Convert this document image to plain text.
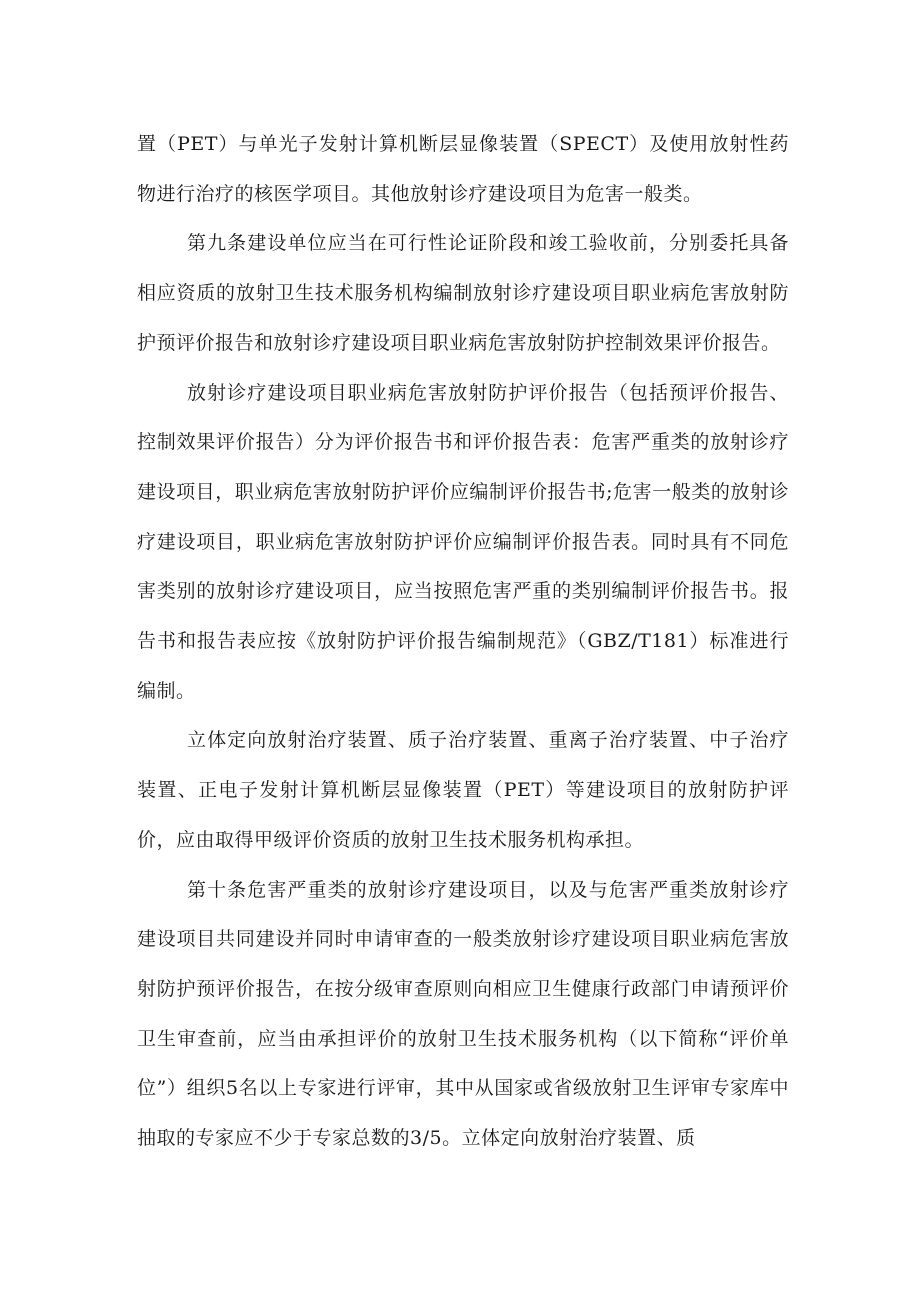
置（PET）与单光子发射计算机断层显像装置（SPECT）及使用放射性药物进行治疗的核医学项目。其他放射诊疗建设项目为危害一般类。

第九条建设单位应当在可行性论证阶段和竣工验收前，分别委托具备相应资质的放射卫生技术服务机构编制放射诊疗建设项目职业病危害放射防护预评价报告和放射诊疗建设项目职业病危害放射防护控制效果评价报告。

放射诊疗建设项目职业病危害放射防护评价报告（包括预评价报告、控制效果评价报告）分为评价报告书和评价报告表：危害严重类的放射诊疗建设项目，职业病危害放射防护评价应编制评价报告书;危害一般类的放射诊疗建设项目，职业病危害放射防护评价应编制评价报告表。同时具有不同危害类别的放射诊疗建设项目，应当按照危害严重的类别编制评价报告书。报告书和报告表应按《放射防护评价报告编制规范》（GBZ/T181）标准进行编制。

立体定向放射治疗装置、质子治疗装置、重离子治疗装置、中子治疗装置、正电子发射计算机断层显像装置（PET）等建设项目的放射防护评价，应由取得甲级评价资质的放射卫生技术服务机构承担。

第十条危害严重类的放射诊疗建设项目，以及与危害严重类放射诊疗建设项目共同建设并同时申请审查的一般类放射诊疗建设项目职业病危害放射防护预评价报告，在按分级审查原则向相应卫生健康行政部门申请预评价卫生审查前，应当由承担评价的放射卫生技术服务机构（以下简称“评价单位”）组织5名以上专家进行评审，其中从国家或省级放射卫生评审专家库中抽取的专家应不少于专家总数的3/5。立体定向放射治疗装置、质
